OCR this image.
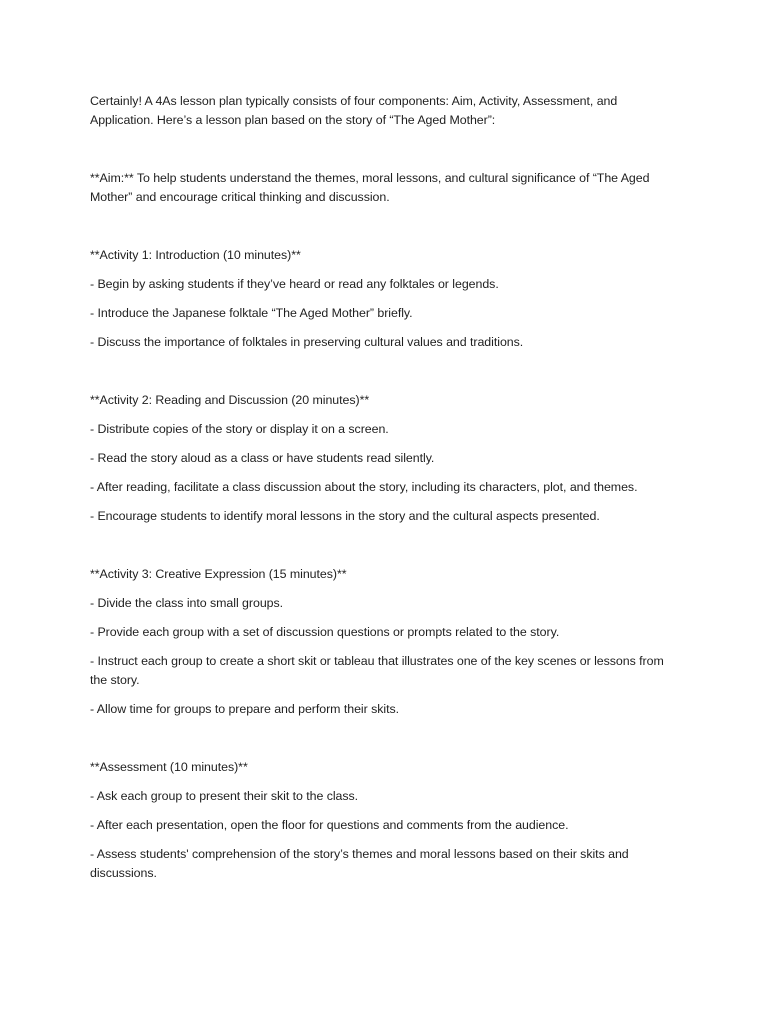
Certainly! A 4As lesson plan typically consists of four components: Aim, Activity, Assessment, and Application. Here’s a lesson plan based on the story of “The Aged Mother”:

**Aim:** To help students understand the themes, moral lessons, and cultural significance of “The Aged Mother” and encourage critical thinking and discussion.

**Activity 1: Introduction (10 minutes)**

- Begin by asking students if they’ve heard or read any folktales or legends.

- Introduce the Japanese folktale “The Aged Mother” briefly.

- Discuss the importance of folktales in preserving cultural values and traditions.

**Activity 2: Reading and Discussion (20 minutes)**

- Distribute copies of the story or display it on a screen.

- Read the story aloud as a class or have students read silently.

- After reading, facilitate a class discussion about the story, including its characters, plot, and themes.

- Encourage students to identify moral lessons in the story and the cultural aspects presented.

**Activity 3: Creative Expression (15 minutes)**

- Divide the class into small groups.

- Provide each group with a set of discussion questions or prompts related to the story.

- Instruct each group to create a short skit or tableau that illustrates one of the key scenes or lessons from the story.

- Allow time for groups to prepare and perform their skits.

**Assessment (10 minutes)**

- Ask each group to present their skit to the class.

- After each presentation, open the floor for questions and comments from the audience.

- Assess students' comprehension of the story’s themes and moral lessons based on their skits and discussions.
